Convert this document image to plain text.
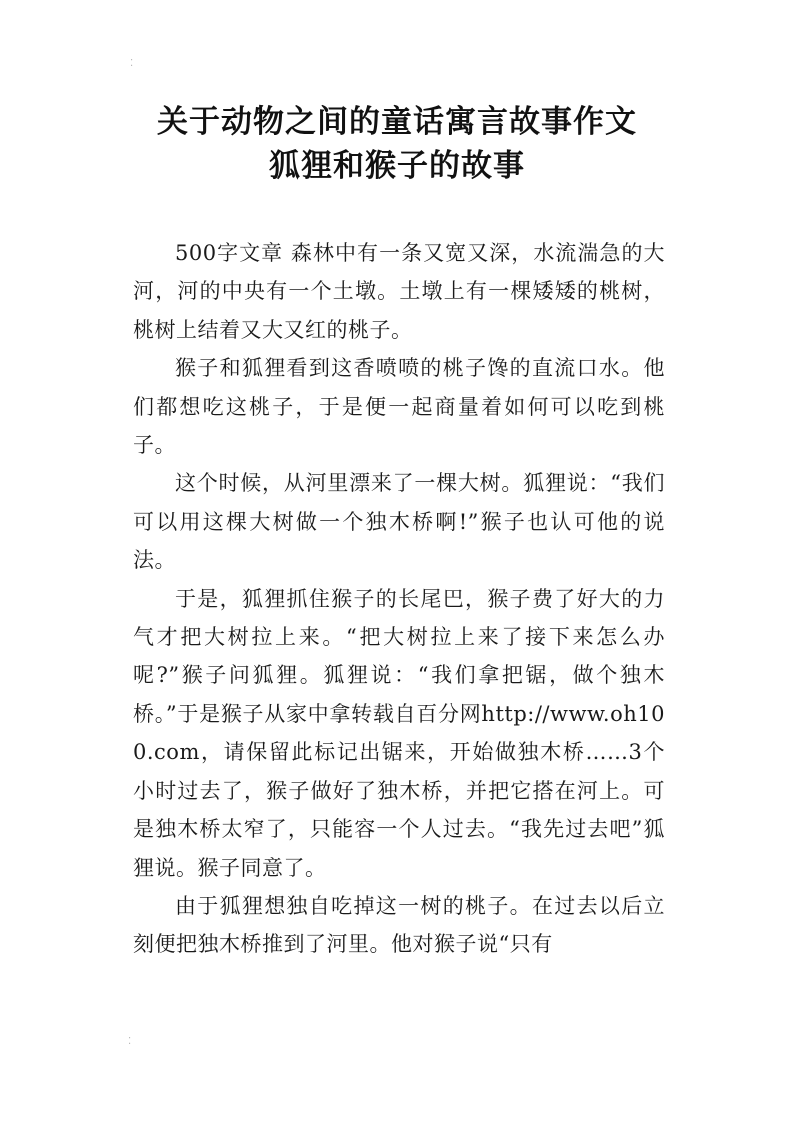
⁚
关于动物之间的童话寓言故事作文
狐狸和猴子的故事

500字文章 森林中有一条又宽又深，水流湍急的大河，河的中央有一个土墩。土墩上有一棵矮矮的桃树，桃树上结着又大又红的桃子。

猴子和狐狸看到这香喷喷的桃子馋的直流口水。他们都想吃这桃子，于是便一起商量着如何可以吃到桃子。

这个时候，从河里漂来了一棵大树。狐狸说：“我们可以用这棵大树做一个独木桥啊!”猴子也认可他的说法。

于是，狐狸抓住猴子的长尾巴，猴子费了好大的力气才把大树拉上来。“把大树拉上来了接下来怎么办呢?”猴子问狐狸。狐狸说：“我们拿把锯，做个独木桥。”于是猴子从家中拿转载自百分网http://www.oh100.com，请保留此标记出锯来，开始做独木桥……3个小时过去了，猴子做好了独木桥，并把它搭在河上。可是独木桥太窄了，只能容一个人过去。“我先过去吧”狐狸说。猴子同意了。

由于狐狸想独自吃掉这一树的桃子。在过去以后立刻便把独木桥推到了河里。他对猴子说“只有

⁚
